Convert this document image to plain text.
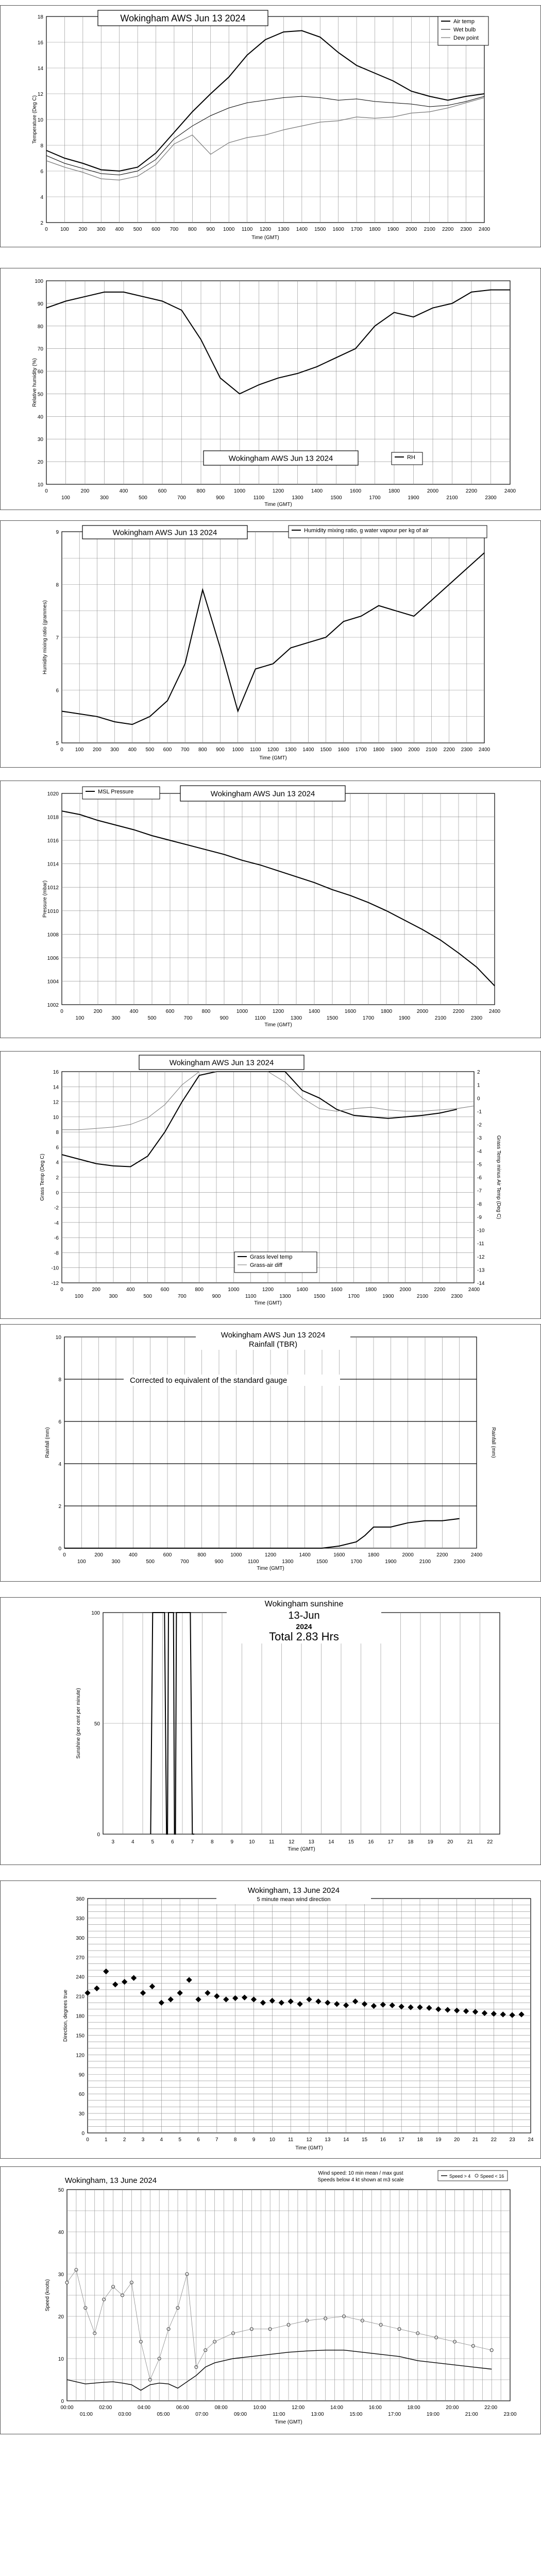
2
4
6
8
10
12
14
16
18
0 100 200 300 400 500 600 700 800 900 1000 1100 1200 1300 1400 1500 1600 1700 1800 1900 2000 2100 2200 2300 2400
Time (GMT)
Temperature (Deg C)
Wokingham AWS Jun 13 2024	Air temp
Wet bulb
Dew point
10
20
30
40
50
60
70
80
90
100
0	200	400	600	800	1000	1200	1400	1600	1800	2000	2200	2400
100	300	500	700	900	1100	1300	1500	1700	1900	2100	2300
Time (GMT)
Relative humidity (%)
Wokingham AWS Jun 13 2024	RH
5
6
7
8
9
0 100 200 300 400 500 600 700 800 900 1000 1100 1200 1300 1400 1500 1600 1700 1800 1900 2000 2100 2200 2300 2400
Time (GMT)
Humidity mixing ratio (grammes)
Wokingham AWS Jun 13 2024	Humidity mixing ratio, g water vapour per kg of air
1002
1004
1006
1008
1010
1012
1014
1016
1018
1020
0	200	400	600	800	1000	1200	1400	1600	1800	2000	2200	2400
100	300	500	700	900	1100	1300	1500	1700	1900	2100	2300
Time (GMT)
Pressure (mbar)
MSL Pressure	Wokingham AWS Jun 13 2024
-12
-10
-8
-6
-4
-2
0
2
4
6
8
10
12
14
16
-14
-13
-12
-11
-10
-9
-8
-7
-6
-5
-4
-3
-2
-1
0
1
2
0	200	400	600	800	1000	1200	1400	1600	1800	2000	2200	2400
100	300	500	700	900	1100	1300	1500	1700	1900	2100	2300
Time (GMT)
Grass Temp (Deg C)	Grass Temp minus Air Temp (Deg C)
Wokingham AWS Jun 13 2024
Grass level temp
Grass-air diff
0
2
4
6
8
10
0	200	400	600	800	1000	1200	1400	1600	1800	2000	2200	2400
100	300	500	700	900	1100	1300	1500	1700	1900	2100	2300
Time (GMT)
Rainfall (mm)	Rainfall (mm)
Wokingham AWS Jun 13 2024
Rainfall (TBR)
Corrected to equivalent of the standard gauge
0
50
100
3	4	5	6	7	8	9	10	11	12	13	14	15	16	17	18	19	20	21	22
Time (GMT)
Sunshine (per cent per minute)
Wokingham sunshine
13-Jun
2024
Total 2.83 Hrs
0
30
60
90
120
150
180
210
240
270
300
330
360
0	1	2	3	4	5	6	7	8	9	10	11	12 13 14 15 16 17 18 19 20 21 22 23 24
Time (GMT)
Direction, degrees true
Wokingham, 13 June 2024
5 minute mean wind direction
0
10
20
30
40
50
00:00	02:00	04:00	06:00	08:00	10:00	12:00	14:00	16:00	18:00	20:00	22:00
01:00	03:00	05:00	07:00	09:00	11:00	13:00	15:00	17:00	19:00	21:00	23:00
Time (GMT)
Speed (knots)
Wokingham, 13 June 2024
Wind speed: 10 min mean / max gust
Speeds below 4 kt shown at m3 scale
Speed > 4 Speed < 16
